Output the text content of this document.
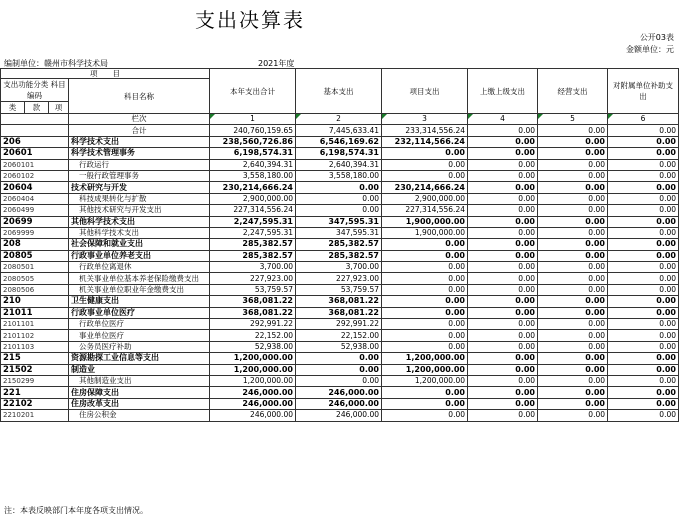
支出决算表
公开03表
金额单位：元
编制单位：赣州市科学技术局	2021年度
项　　目				本年支出合计	基本支出	项目支出	上缴上级支出	经营支出	对附属单位补助支出
支出功能分类 科目编码			科目名称						
类	款	项							
			栏次	1	2	3	4	5	6
			合计	240,760,159.65	7,445,633.41	233,314,556.24	0.00	0.00	0.00
206			科学技术支出	238,560,726.86	6,546,169.62	232,114,566.24	0.00	0.00	0.00
20601			科学技术管理事务	6,198,574.31	6,198,574.31	0.00	0.00	0.00	0.00
2060101			行政运行	2,640,394.31	2,640,394.31	0.00	0.00	0.00	0.00
2060102			一般行政管理事务	3,558,180.00	3,558,180.00	0.00	0.00	0.00	0.00
20604			技术研究与开发	230,214,666.24	0.00	230,214,666.24	0.00	0.00	0.00
2060404			科技成果转化与扩散	2,900,000.00	0.00	2,900,000.00	0.00	0.00	0.00
2060499			其他技术研究与开发支出	227,314,556.24	0.00	227,314,556.24	0.00	0.00	0.00
20699			其他科学技术支出	2,247,595.31	347,595.31	1,900,000.00	0.00	0.00	0.00
2069999			其他科学技术支出	2,247,595.31	347,595.31	1,900,000.00	0.00	0.00	0.00
208			社会保障和就业支出	285,382.57	285,382.57	0.00	0.00	0.00	0.00
20805			行政事业单位养老支出	285,382.57	285,382.57	0.00	0.00	0.00	0.00
2080501			行政单位离退休	3,700.00	3,700.00	0.00	0.00	0.00	0.00
2080505			机关事业单位基本养老保险缴费支出	227,923.00	227,923.00	0.00	0.00	0.00	0.00
2080506			机关事业单位职业年金缴费支出	53,759.57	53,759.57	0.00	0.00	0.00	0.00
210			卫生健康支出	368,081.22	368,081.22	0.00	0.00	0.00	0.00
21011			行政事业单位医疗	368,081.22	368,081.22	0.00	0.00	0.00	0.00
2101101			行政单位医疗	292,991.22	292,991.22	0.00	0.00	0.00	0.00
2101102			事业单位医疗	22,152.00	22,152.00	0.00	0.00	0.00	0.00
2101103			公务员医疗补助	52,938.00	52,938.00	0.00	0.00	0.00	0.00
215			资源勘探工业信息等支出	1,200,000.00	0.00	1,200,000.00	0.00	0.00	0.00
21502			制造业	1,200,000.00	0.00	1,200,000.00	0.00	0.00	0.00
2150299			其他制造业支出	1,200,000.00	0.00	1,200,000.00	0.00	0.00	0.00
221			住房保障支出	246,000.00	246,000.00	0.00	0.00	0.00	0.00
22102			住房改革支出	246,000.00	246,000.00	0.00	0.00	0.00	0.00
2210201			住房公积金	246,000.00	246,000.00	0.00	0.00	0.00	0.00
注：本表反映部门本年度各项支出情况。
